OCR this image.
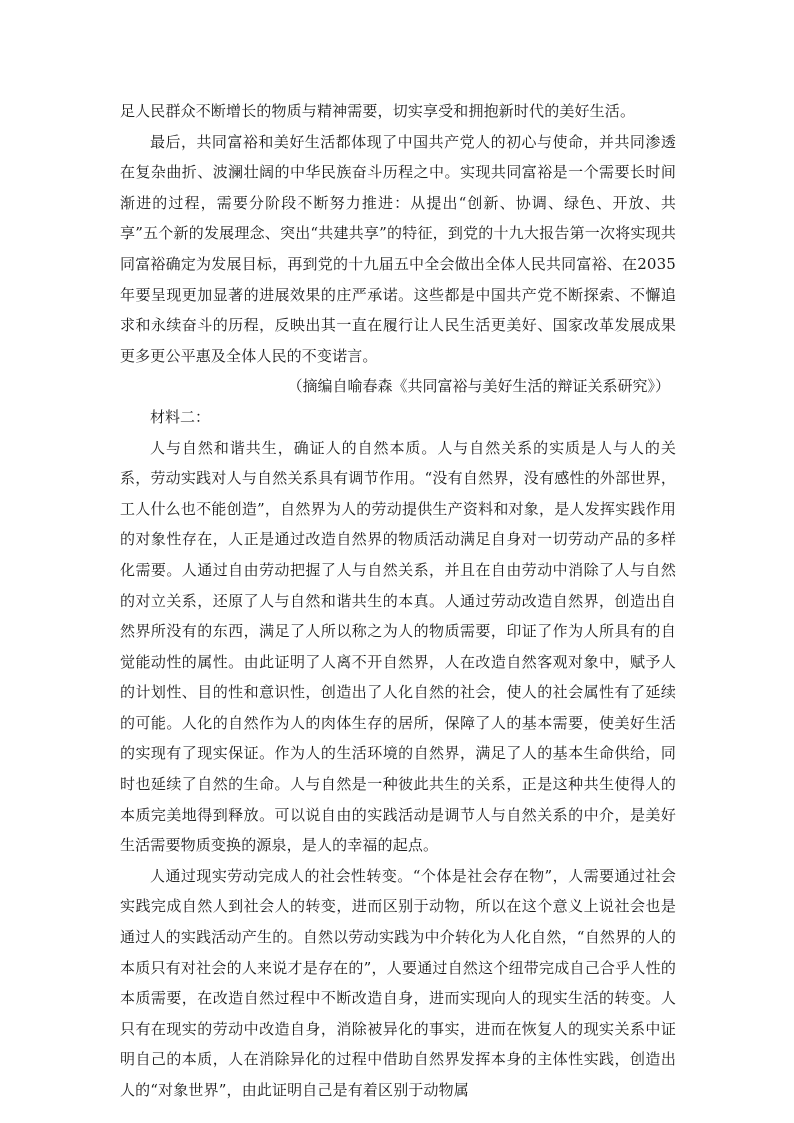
足人民群众不断增长的物质与精神需要，切实享受和拥抱新时代的美好生活。

最后，共同富裕和美好生活都体现了中国共产党人的初心与使命，并共同渗透在复杂曲折、波澜壮阔的中华民族奋斗历程之中。实现共同富裕是一个需要长时间渐进的过程，需要分阶段不断努力推进：从提出“创新、协调、绿色、开放、共享”五个新的发展理念、突出“共建共享”的特征，到党的十九大报告第一次将实现共同富裕确定为发展目标，再到党的十九届五中全会做出全体人民共同富裕、在2035年要呈现更加显著的进展效果的庄严承诺。这些都是中国共产党不断探索、不懈追求和永续奋斗的历程，反映出其一直在履行让人民生活更美好、国家改革发展成果更多更公平惠及全体人民的不变诺言。

（摘编自喻春森《共同富裕与美好生活的辩证关系研究》）

材料二：

人与自然和谐共生，确证人的自然本质。人与自然关系的实质是人与人的关系，劳动实践对人与自然关系具有调节作用。“没有自然界，没有感性的外部世界，工人什么也不能创造”，自然界为人的劳动提供生产资料和对象，是人发挥实践作用的对象性存在，人正是通过改造自然界的物质活动满足自身对一切劳动产品的多样化需要。人通过自由劳动把握了人与自然关系，并且在自由劳动中消除了人与自然的对立关系，还原了人与自然和谐共生的本真。人通过劳动改造自然界，创造出自然界所没有的东西，满足了人所以称之为人的物质需要，印证了作为人所具有的自觉能动性的属性。由此证明了人离不开自然界，人在改造自然客观对象中，赋予人的计划性、目的性和意识性，创造出了人化自然的社会，使人的社会属性有了延续的可能。人化的自然作为人的肉体生存的居所，保障了人的基本需要，使美好生活的实现有了现实保证。作为人的生活环境的自然界，满足了人的基本生命供给，同时也延续了自然的生命。人与自然是一种彼此共生的关系，正是这种共生使得人的本质完美地得到释放。可以说自由的实践活动是调节人与自然关系的中介，是美好生活需要物质变换的源泉，是人的幸福的起点。

人通过现实劳动完成人的社会性转变。“个体是社会存在物”，人需要通过社会实践完成自然人到社会人的转变，进而区别于动物，所以在这个意义上说社会也是通过人的实践活动产生的。自然以劳动实践为中介转化为人化自然，“自然界的人的本质只有对社会的人来说才是存在的”，人要通过自然这个纽带完成自己合乎人性的本质需要，在改造自然过程中不断改造自身，进而实现向人的现实生活的转变。人只有在现实的劳动中改造自身，消除被异化的事实，进而在恢复人的现实关系中证明自己的本质，人在消除异化的过程中借助自然界发挥本身的主体性实践，创造出人的“对象世界”，由此证明自己是有着区别于动物属
